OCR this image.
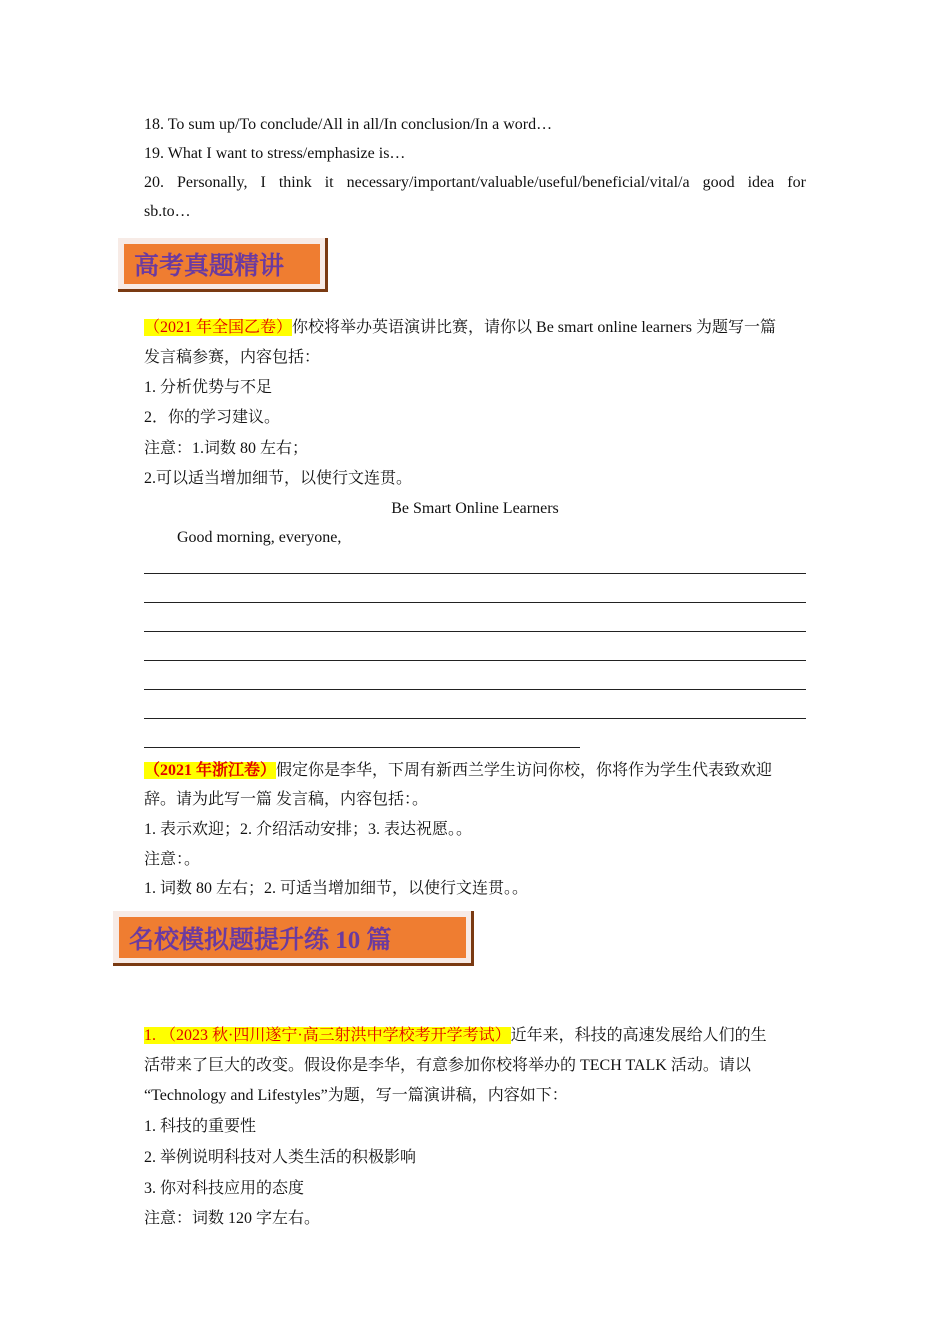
18. To sum up/To conclude/All in all/In conclusion/In a word…
19. What I want to stress/emphasize is…
20. Personally, I think it necessary/important/valuable/useful/beneficial/vital/a good idea for
sb.to…
高考真题精讲
（2021 年全国乙卷）你校将举办英语演讲比赛，请你以 Be smart online learners 为题写一篇
发言稿参赛，内容包括：
1. 分析优势与不足
2．你的学习建议。
注意：1.词数 80 左右；
2.可以适当增加细节，以使行文连贯。
Be Smart Online Learners
Good morning, everyone,
（2021 年浙江卷）假定你是李华，下周有新西兰学生访问你校，你将作为学生代表致欢迎
辞。请为此写一篇 发言稿，内容包括：。
1. 表示欢迎；2. 介绍活动安排；3. 表达祝愿。。
注意：。
1. 词数 80 左右；2. 可适当增加细节，以使行文连贯。。
名校模拟题提升练 10 篇
1. （2023 秋·四川遂宁·高三射洪中学校考开学考试）近年来，科技的高速发展给人们的生
活带来了巨大的改变。假设你是李华，有意参加你校将举办的 TECH TALK 活动。请以
“Technology and Lifestyles”为题，写一篇演讲稿，内容如下：
1. 科技的重要性
2. 举例说明科技对人类生活的积极影响
3. 你对科技应用的态度
注意：词数 120 字左右。
